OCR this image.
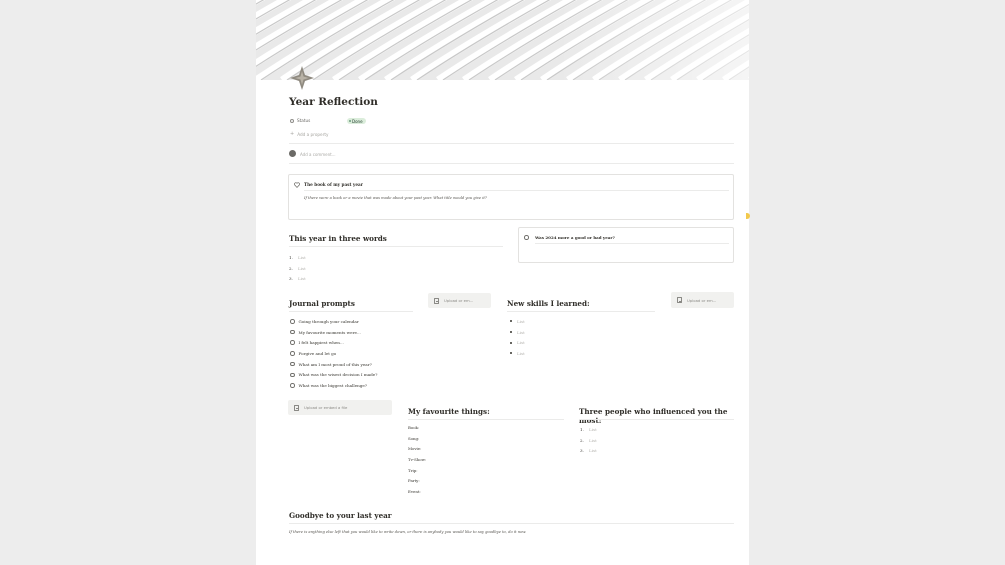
Year Reflection
Status	Done
+ Add a property
Add a comment...
The book of my past year
If there were a book or a movie that was made about your past year. What title would you give it?
This year in three words
1.	List
2.	List
3.	List
Was 2024 more a good or bad year?
Journal prompts	Upload or em...
Going through your calendar
My favourite moments were...
I felt happiest when...
Forgive and let go
What am I most proud of this year?
What was the wisest decision I made?
What was the biggest challenge?
Upload or embed a file
New skills I learned:	Upload or em...
List
List
List
List
My favourite things:
Book:
Song:
Movie:
Tv-Show:
Trip:
Party:
Event:
Three people who influenced you the most:
1.	List
2.	List
3.	List
Goodbye to your last year
If there is anything else left that you would like to write down, or there is anybody you would like to say goodbye to, do it now.
